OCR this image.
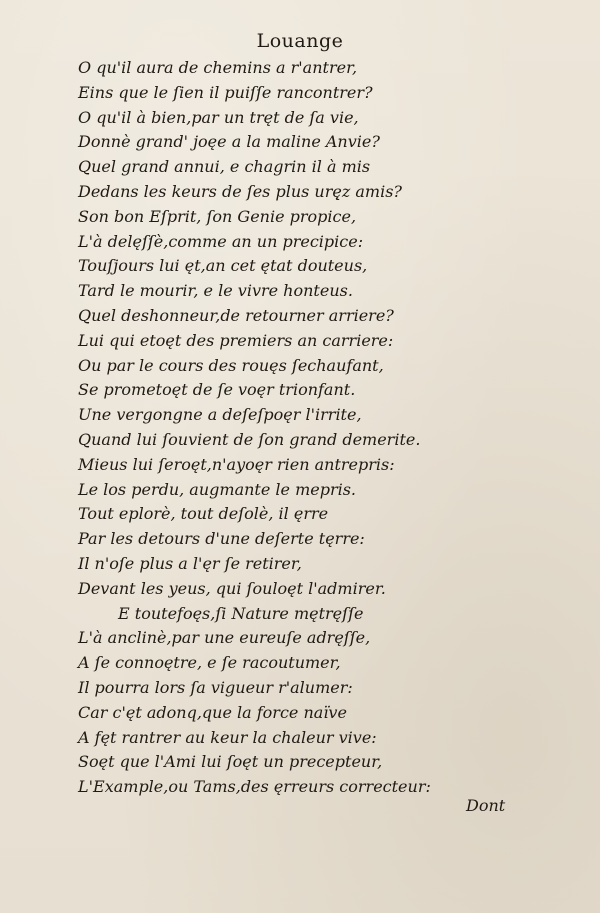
Louange
O qu'il aura de chemins a r'antrer,
Eins que le ſien il puiſſe rancontrer?
O qu'il à bien,par un tręt de ſa vie,
Donnè grand' joęe a la maline Anvie?
Quel grand annui, e chagrin il à mis
Dedans les keurs de ſes plus urę̨z amis?
Son bon Eſprit, ſon Genie propice,
L'à delęſſè,comme an un precipice:
Touſjours lui ęt,an cet ętat douteus,
Tard le mourir, e le vivre honteus.
Quel deshonneur,de retourner arriere?
Lui qui etoęt des premiers an carriere:
Ou par le cours des rouęs ſechaufant,
Se prometoęt de ſe voęr trionfant.
Une vergongne a deſeſpoęr l'irrite,
Quand lui ſouvient de ſon grand demerite.
Mieus lui ſeroęt,n'ayoęr rien antrepris:
Le los perdu, augmante le mepris.
Tout eplorè, tout deſolè, il ęrre
Par les detours d'une deſerte tęrre:
Il n'oſe plus a l'ęr ſe retirer,
Devant les yeus, qui ſouloęt l'admirer.
E toutefoęs,ſi Nature mętręſſe
L'à anclinè,par une eureuſe adręſſe,
A ſe connoętre, e ſe racoutumer,
Il pourra lors ſa vigueur r'alumer:
Car c'ęt adonq,que la force naïve
A fęt rantrer au keur la chaleur vive:
Soęt que l'Ami lui ſoęt un precepteur,
L'Example,ou Tams,des ęrreurs correcteur:
Dont
